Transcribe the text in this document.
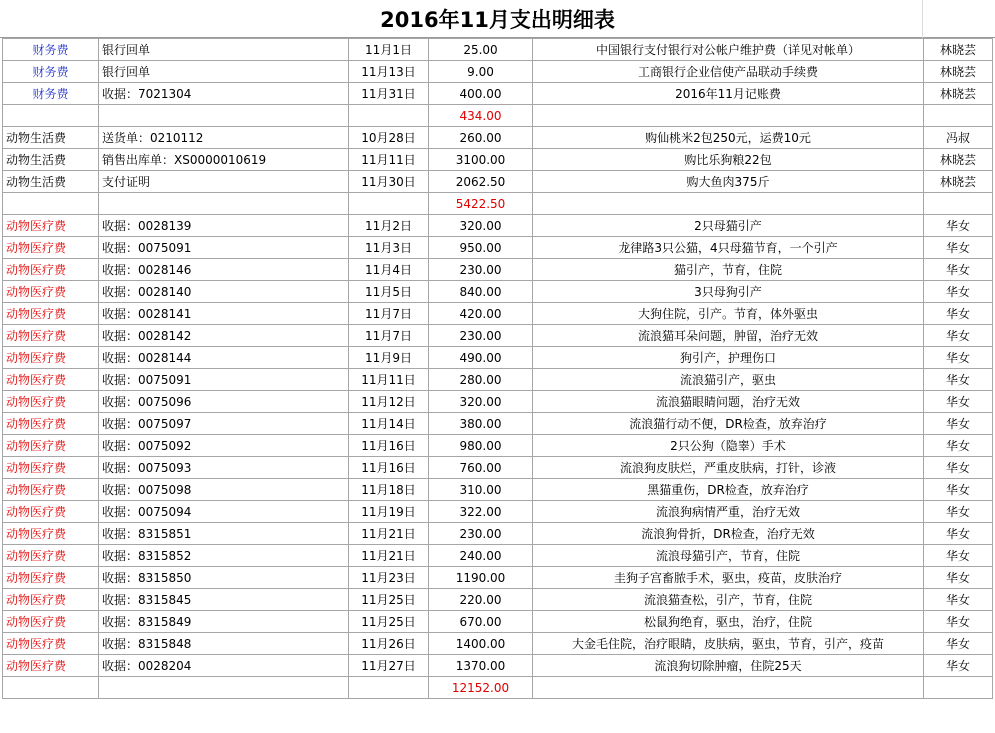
2016年11月支出明细表
财务费	银行回单	11月1日	25.00	中国银行支付银行对公帐户维护费（详见对帐单）	林晓芸
财务费	银行回单	11月13日	9.00	工商银行企业信使产品联动手续费	林晓芸
财务费	收据：7021304	11月31日	400.00	2016年11月记账费	林晓芸
			434.00		
动物生活费	送货单：0210112	10月28日	260.00	购仙桃米2包250元，运费10元	冯叔
动物生活费	销售出库单：XS0000010619	11月11日	3100.00	购比乐狗粮22包	林晓芸
动物生活费	支付证明	11月30日	2062.50	购大鱼肉375斤	林晓芸
			5422.50		
动物医疗费	收据：0028139	11月2日	320.00	2只母猫引产	华女
动物医疗费	收据：0075091	11月3日	950.00	龙律路3只公猫，4只母猫节育，一个引产	华女
动物医疗费	收据：0028146	11月4日	230.00	猫引产，节育，住院	华女
动物医疗费	收据：0028140	11月5日	840.00	3只母狗引产	华女
动物医疗费	收据：0028141	11月7日	420.00	大狗住院，引产。节育，体外驱虫	华女
动物医疗费	收据：0028142	11月7日	230.00	流浪猫耳朵问题，肿留，治疗无效	华女
动物医疗费	收据：0028144	11月9日	490.00	狗引产，护理伤口	华女
动物医疗费	收据：0075091	11月11日	280.00	流浪猫引产，驱虫	华女
动物医疗费	收据：0075096	11月12日	320.00	流浪猫眼睛问题，治疗无效	华女
动物医疗费	收据：0075097	11月14日	380.00	流浪猫行动不便，DR检查，放弃治疗	华女
动物医疗费	收据：0075092	11月16日	980.00	2只公狗（隐睾）手术	华女
动物医疗费	收据：0075093	11月16日	760.00	流浪狗皮肤烂，严重皮肤病，打针，诊液	华女
动物医疗费	收据：0075098	11月18日	310.00	黑猫重伤，DR检查，放弃治疗	华女
动物医疗费	收据：0075094	11月19日	322.00	流浪狗病情严重，治疗无效	华女
动物医疗费	收据：8315851	11月21日	230.00	流浪狗骨折，DR检查，治疗无效	华女
动物医疗费	收据：8315852	11月21日	240.00	流浪母猫引产，节育，住院	华女
动物医疗费	收据：8315850	11月23日	1190.00	圭狗子宫畜脓手术，驱虫，疫苗，皮肤治疗	华女
动物医疗费	收据：8315845	11月25日	220.00	流浪猫查松，引产，节育，住院	华女
动物医疗费	收据：8315849	11月25日	670.00	松鼠狗绝育，驱虫，治疗，住院	华女
动物医疗费	收据：8315848	11月26日	1400.00	大金毛住院，治疗眼睛，皮肤病，驱虫，节育，引产，疫苗	华女
动物医疗费	收据：0028204	11月27日	1370.00	流浪狗切除肿瘤，住院25天	华女
			12152.00		
